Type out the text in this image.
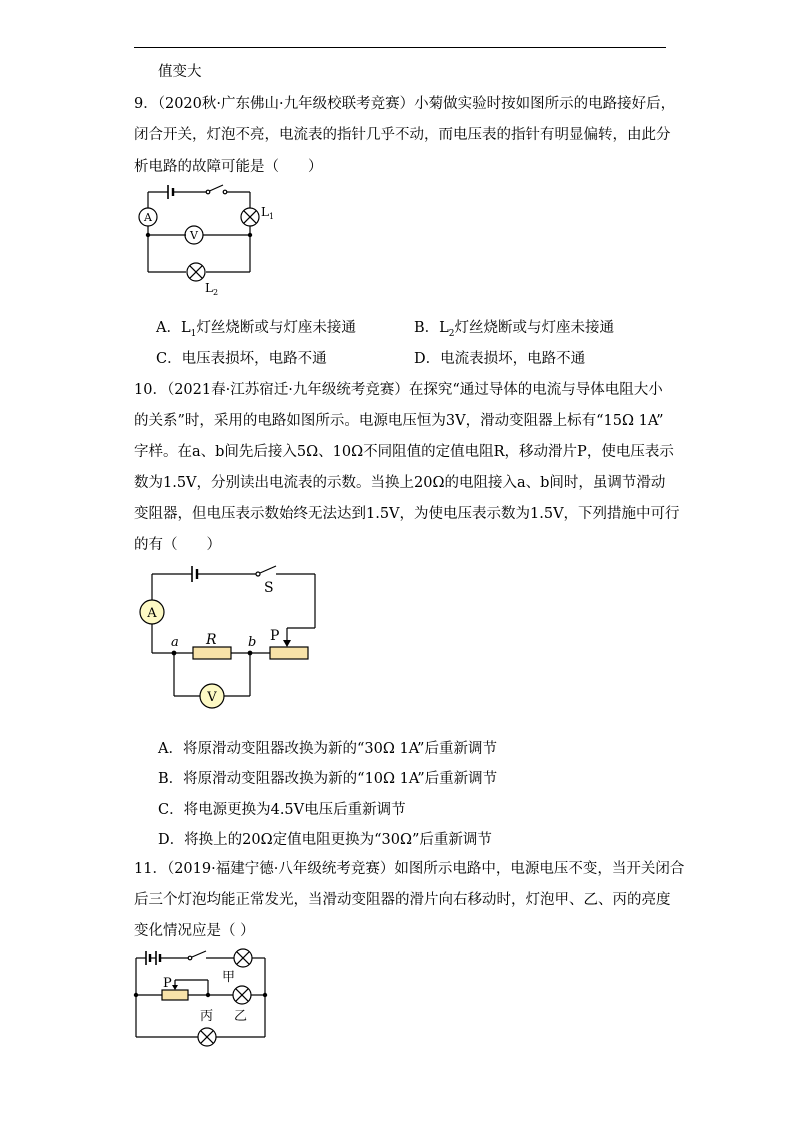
值变大
9．（2020秋·广东佛山·九年级校联考竞赛）小菊做实验时按如图所示的电路接好后，
闭合开关，灯泡不亮，电流表的指针几乎不动，而电压表的指针有明显偏转，由此分
析电路的故障可能是（　　）
A	L 1
V
L 2
A．$L_1$灯丝烧断或与灯座未接通	B．$L_2$灯丝烧断或与灯座未接通
C．电压表损坏，电路不通	D．电流表损坏，电路不通
10．（2021春·江苏宿迁·九年级统考竞赛）在探究“通过导体的电流与导体电阻大小
的关系”时，采用的电路如图所示。电源电压恒为3V，滑动变阻器上标有“15Ω 1A”
字样。在a、b间先后接入5Ω、10Ω不同阻值的定值电阻R，移动滑片P，使电压表示
数为1.5V，分别读出电流表的示数。当换上20Ω的电阻接入a、b间时，虽调节滑动
变阻器，但电压表示数始终无法达到1.5V，为使电压表示数为1.5V，下列措施中可行
的有（　　）
S
A
a R b P
V
A．将原滑动变阻器改换为新的“30Ω 1A”后重新调节
B．将原滑动变阻器改换为新的“10Ω 1A”后重新调节
C．将电源更换为4.5V电压后重新调节
D．将换上的20Ω定值电阻更换为“30Ω”后重新调节
11．（2019·福建宁德·八年级统考竞赛）如图所示电路中，电源电压不变，当开关闭合
后三个灯泡均能正常发光，当滑动变阻器的滑片向右移动时，灯泡甲、乙、丙的亮度
变化情况应是（ ）
甲
P
乙
丙
